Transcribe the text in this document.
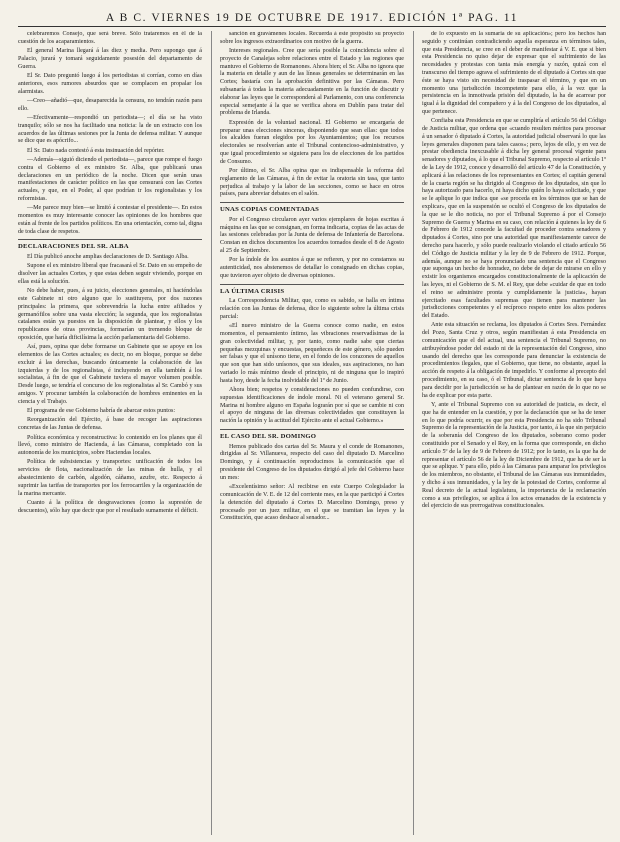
A B C. VIERNES 19 DE OCTUBRE DE 1917. EDICIÓN 1ª PAG. 11

celebraremos Consejo, que será breve. Sólo trataremos en él de la cuestión de los acaparamientos.

El general Marina llegará á las diez y media. Pero supongo que á Palacio, jurará y tomará seguidamente posesión del departamento de Guerra.

El Sr. Dato preguntó luego á los periodistas si corrían, como en días anteriores, esos rumores absurdos que se complacen en propalar los alarmistas.

—Creo—añadió—que, desaparecida la censura, no tendrán razón para ello.

—Efectivamente—respondió un periodista—; el día se ha visto tranquilo; sólo se nos ha facilitado una noticia: la de un extracto con los acuerdos de las últimas sesiones por la Junta de defensa militar. Y aunque se dice que es apócrifo...

El Sr. Dato nada contestó á esta insinuación del repórter.

—Además—siguió diciendo el periodista—, parece que rompe el fuego contra el Gobierno el ex ministro Sr. Alba, que publicará unas declaraciones en un periódico de la noche. Dicen que serán unas manifestaciones de carácter político en las que censurará con las Cortes actuales, y que, en el Poder, al que podrían ir los regionalistas y los reformistas.

—Me parece muy bien—se limitó á contestar el presidente—. En estos momentos es muy interesante conocer las opiniones de los hombres que están al frente de los partidos políticos. En una orientación, como tal, digna de toda clase de respetos.

DECLARACIONES DEL SR. ALBA

El Día publicó anoche amplias declaraciones de D. Santiago Alba.

Supone el ex ministro liberal que fracasará el Sr. Dato en su empeño de disolver las actuales Cortes, y que estas deben seguir viviendo, porque en ellas está la solución.

No debe haber, pues, á su juicio, elecciones generales, ni haciéndolas este Gabinete ni otro alguno que lo sustituyera, por dos razones principales: la primera, que sobrevendría la lucha entre afiliados y germanófilos sobre una vasta elección; la segunda, que los regionalistas catalanes están ya puestos en la disposición de plantear, y ellos y los republicanos de otras provincias, formarían un tremendo bloque de oposición, que haría dificilísima la acción parlamentaria del Gobierno.

Así, pues, opina que debe formarse un Gabinete que se apoye en los elementos de las Cortes actuales; es decir, no en bloque, porque se debe excluir á las derechas, buscando únicamente la colaboración de las izquierdas y de los regionalistas, é incluyendo en ella también á los socialistas, á fin de que el Gabinete tuviera el mayor volumen posible. Desde luego, se tendría el concurso de los regionalistas al Sr. Cambó y sus amigos. Y procurar también la colaboración de hombres eminentes en la ciencia y el Trabajo.

El programa de ese Gobierno habría de abarcar estos puntos:

Reorganización del Ejército, á base de recoger las aspiraciones concretas de las Juntas de defensa.

Política económica y reconstructiva: lo contenido en los planes que él llevó, como ministro de Hacienda, á las Cámaras, completado con la autonomía de los municipios, sobre Haciendas locales.

Política de subsistencias y transportes: unificación de todos los servicios de flota, nacionalización de las minas de hulla, y el abastecimiento de carbón, algodón, cáñamo, azufre, etc. Respecto á suprimir las tarifas de transportes por los ferrocarriles y la organización de la marina mercante.

Cuanto á la política de desgravaciones (como la supresión de descuentos), sólo hay que decir que por el resultado sumamente el déficit.

sanción en gravámenes locales. Recuerda á este propósito su proyecto sobre los ingresos extraordinarios con motivo de la guerra.

Intereses regionales. Cree que sería posible la coincidencia sobre el proyecto de Canalejas sobre relaciones entre el Estado y las regiones que mantuvo el Gobierno de Romanones. Ahora bien; el Sr. Alba no ignora que la materia en detalle y aun de las líneas generales se determinarán en las Cortes; bastaría con la aprobación definitiva por las Cámaras. Pero subsanaría á todas la materia adecuadamente en la función de discutir y elaborar las leyes que le corresponderá al Parlamento, con una conferencia especial semejante á la que se verifica ahora en Dublín para tratar del problema de Irlanda.

Expresión de la voluntad nacional. El Gobierno se encargaría de preparar unas elecciones sinceras, disponiendo que sean ellas: que todos los alcaldes fueran elegidos por los Ayuntamientos; que los recursos electorales se resolverían ante el Tribunal contencioso-administrativo, y que igual procedimiento se siguiera para los de elecciones de los partidos de Consumo.

Por último, el Sr. Alba opina que es indispensable la reforma del reglamento de las Cámaras, á fin de evitar la oratoria sin tasa, que tanto perjudica al trabajo y la labor de las secciones, como se hace en otros países, para abreviar debates en el salón.

UNAS COPIAS COMENTADAS

Por el Congreso circularon ayer varios ejemplares de hojas escritas á máquina en las que se consignan, en forma indicaria, copias de las actas de las sesiones celebradas por la Junta de defensa de Infantería de Barcelona. Constan en dichos documentos los acuerdos tomados desde el 8 de Agosto al 25 de Septiembre.

Por la índole de los asuntos á que se refieren, y por no constarnos su autenticidad, nos abstenemos de detallar lo consignado en dichas copias, que tuvieron ayer objeto de diversas opiniones.

LA ÚLTIMA CRISIS

La Correspondencia Militar, que, como es sabido, se halla en íntima relación con las Juntas de defensa, dice lo siguiente sobre la última crisis parcial:

«El nuevo ministro de la Guerra conoce como nadie, en estos momentos, el pensamiento íntimo, las vibraciones reservadísimas de la gran colectividad militar, y, por tanto, como nadie sabe que ciertas pequeñas mezquinas y encuestas, pequeñeces de este género, sólo pueden ser falsas y que el unísono tiene, en el fondo de los corazones de aquellos que son que han sido unísonos, que sus ideales, sus aspiraciones, no han variado lo más mínimo desde el principio, ni de ninguna que lo inspiró hasta hoy, desde la fecha inolvidable del 1º de Junio.

Ahora bien; respetos y consideraciones no pueden confundirse, con supuestas identificaciones de índole moral. Ni el veterano general Sr. Marina ni hombre alguno en España lograrán por sí que se cambie ni con el apoyo de ninguna de las diversas colectividades que constituyen la nación la opinión y la actitud del Ejército ante el actual Gobierno.»

EL CASO DEL SR. DOMINGO

Hemos publicado dos cartas del Sr. Maura y el conde de Romanones, dirigidas al Sr. Villanueva, respecto del caso del diputado D. Marcelino Domingo, y á continuación reproducimos la comunicación que el presidente del Congreso de los diputados dirigió al jefe del Gobierno hace un mes:

«Excelentísimo señor: Al recibirse en este Cuerpo Colegislador la comunicación de V. E. de 12 del corriente mes, en la que participó á Cortes la detención del diputado á Cortes D. Marcelino Domingo, preso y procesado por un juez militar, en el que se tramitan las leyes y la Constitución, que acaso deshace al senador...

de lo expuesto en la sumaria de su aplicación»; pero los hechos han seguido y continúan contradiciendo aquella esperanza en términos tales, que esta Presidencia, se cree en el deber de manifestar á V. E. que si bien esta Presidencia no quiso dejar de expresar que el sufrimiento de las necesidades y protestas con tanta más energía y razón, quizá con el transcurso del tiempo agrava el sufrimiento de el diputado á Cortes sin que éste se haya visto sin necesidad de traspasar el término, y que en un momento una jurisdicción incompetente para ello, á la vez que la persistencia en la inmotivada prisión del diputado, la ha de acarrear por igual á la dignidad del compañero y á la del Congreso de los diputados, al que pertenece.

Confiaba esta Presidencia en que se cumpliría el artículo 56 del Código de Justicia militar, que ordena que «cuando resulten méritos para procesar á un senador ó diputado á Cortes, la autoridad judicial observará lo que las leyes generales disponen para tales casos»; pero, lejos de ello, y en vez de prestar obediencia inexcusable á dicha ley general procesal vigente para senadores y diputados, á lo que el Tribunal Supremo, respecto al artículo 1º de la Ley de 1912, conoce y desarrolló del artículo 47 de la Constitución, y aplicará á las relaciones de los representantes en Cortes; el capitán general de la cuarta región se ha dirigido al Congreso de los diputados, sin que lo haya autorizado para hacerlo, ni haya dicho quién lo haya solicitado, y que se le aplique lo que indica que «se proceda en los términos que se han de explicar», que en la suspensión se ocultó el Congreso de los diputados de la que se le dio noticia, no por el Tribunal Supremo á por el Consejo Supremo de Guerra y Marina en su caso, con relación á quienes la ley de 6 de Febrero de 1912 concede la facultad de proceder contra senadores y diputados á Cortes, sino por una autoridad que manifiestamente carece de derecho para hacerlo, y sólo puede realizarlo violando el citado artículo 56 del Código de Justicia militar y la ley de 9 de Febrero de 1912. Porque, además, aunque no se haya pronunciado una sentencia que el Congreso que suponga un hecho de honradez, no debe de dejar de mirarse en ello y existir los organismos encargados constitucionalmente de la aplicación de las leyes, ni el Gobierno de S. M. el Rey, que debe «cuidar de que en todo el reino se administre pronta y cumplidamente la justicia», hayan ejercitado esas facultades supremas que tienen para mantener las jurisdicciones competentes y el recíproco respeto entre los altos poderes del Estado.

Ante esta situación se reclama, los diputados á Cortes Sres. Fernández del Pozo, Santa Cruz y otros, según manifiestan á esta Presidencia en comunicación que el del actual, una sentencia el Tribunal Supremo, no atribuyéndose poder del estado ni de la representación del Congreso, sino usando del derecho que les corresponde para denunciar la existencia de procedimientos ilegales, que el Gobierno, que tiene, no obstante, aquel la acción de respeto á la obligación de impedirlo. Y conforme al precepto del procedimiento, en su caso, ó el Tribunal, dictar sentencia de lo que haya para decidir por la jurisdicción se ha de plantear en razón de lo que no se ha de explicar por esta parte.

Y, ante el Tribunal Supremo con su autoridad de justicia, es decir, el que ha de entender en la cuestión, y por la declaración que se ha de tener en lo que podría ocurrir, es que por esta Presidencia no ha sido Tribunal Supremo de la representación de la Justicia, por tanto, á la que sin perjuicio de la soberanía del Congreso de los diputados, soberano como poder constituido por el Senado y el Rey, en la forma que corresponde, en dicho artículo 5º de la ley de 9 de Febrero de 1912; por lo tanto, es la que ha de representar el artículo 56 de la ley de Diciembre de 1912, que ha de ser la que se aplique. Y para ello, pido á las Cámaras para amparar los privilegios de los miembros, no obstante, el Tribunal de las Cámaras sus inmunidades, y dicho á sus inmunidades, y la ley de la potestad de Cortes, conforme al Real decreto de la actual legislatura, la importancia de la reclamación como a sus privilegios, se aplica á los actos emanados de la existencia y del ejercicio de sus prerrogativas constitucionales.
